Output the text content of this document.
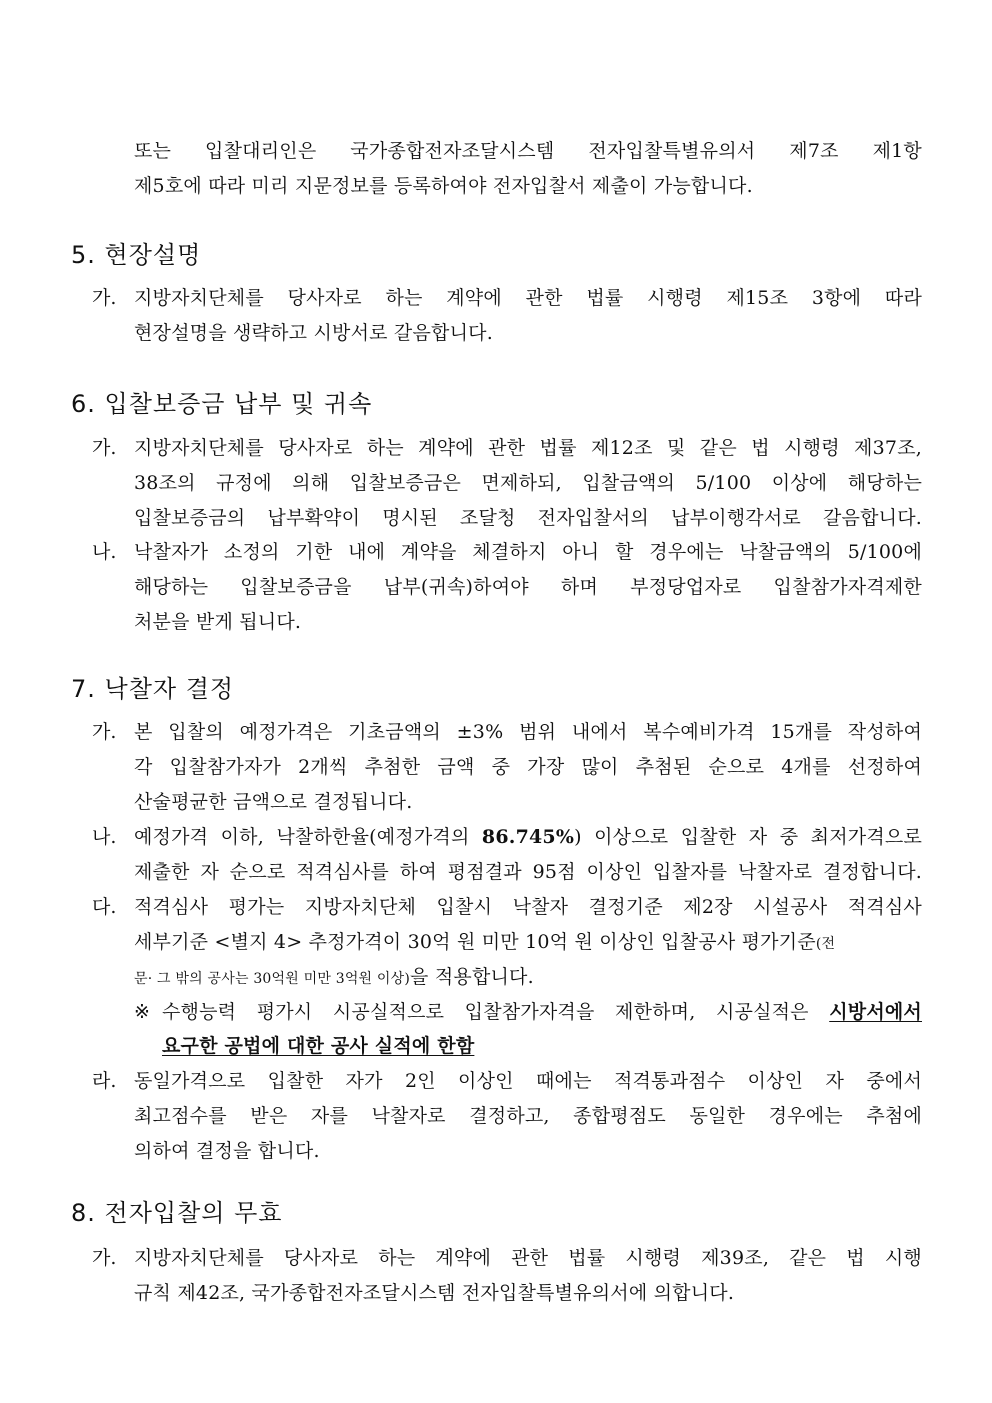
또는 입찰대리인은 국가종합전자조달시스템 전자입찰특별유의서 제7조 제1항
제5호에 따라 미리 지문정보를 등록하여야 전자입찰서 제출이 가능합니다.
5. 현장설명
가. 지방자치단체를 당사자로 하는 계약에 관한 법률 시행령 제15조 3항에 따라
현장설명을 생략하고 시방서로 갈음합니다.
6. 입찰보증금 납부 및 귀속
가. 지방자치단체를 당사자로 하는 계약에 관한 법률 제12조 및 같은 법 시행령 제37조,
38조의 규정에 의해 입찰보증금은 면제하되, 입찰금액의 5/100 이상에 해당하는
입찰보증금의 납부확약이 명시된 조달청 전자입찰서의 납부이행각서로 갈음합니다.
나. 낙찰자가 소정의 기한 내에 계약을 체결하지 아니 할 경우에는 낙찰금액의 5/100에
해당하는 입찰보증금을 납부(귀속)하여야 하며 부정당업자로 입찰참가자격제한
처분을 받게 됩니다.
7. 낙찰자 결정
가. 본 입찰의 예정가격은 기초금액의 ±3% 범위 내에서 복수예비가격 15개를 작성하여
각 입찰참가자가 2개씩 추첨한 금액 중 가장 많이 추첨된 순으로 4개를 선정하여
산술평균한 금액으로 결정됩니다.
나. 예정가격 이하, 낙찰하한율(예정가격의 86.745%) 이상으로 입찰한 자 중 최저가격으로
제출한 자 순으로 적격심사를 하여 평점결과 95점 이상인 입찰자를 낙찰자로 결정합니다.
다. 적격심사 평가는 지방자치단체 입찰시 낙찰자 결정기준 제2장 시설공사 적격심사
세부기준 <별지 4> 추정가격이 30억 원 미만 10억 원 이상인 입찰공사 평가기준(전
문· 그 밖의 공사는 30억원 미만 3억원 이상)을 적용합니다.
※ 수행능력 평가시 시공실적으로 입찰참가자격을 제한하며, 시공실적은 시방서에서
요구한 공법에 대한 공사 실적에 한함
라. 동일가격으로 입찰한 자가 2인 이상인 때에는 적격통과점수 이상인 자 중에서
최고점수를 받은 자를 낙찰자로 결정하고, 종합평점도 동일한 경우에는 추첨에
의하여 결정을 합니다.
8. 전자입찰의 무효
가. 지방자치단체를 당사자로 하는 계약에 관한 법률 시행령 제39조, 같은 법 시행
규칙 제42조, 국가종합전자조달시스템 전자입찰특별유의서에 의합니다.
